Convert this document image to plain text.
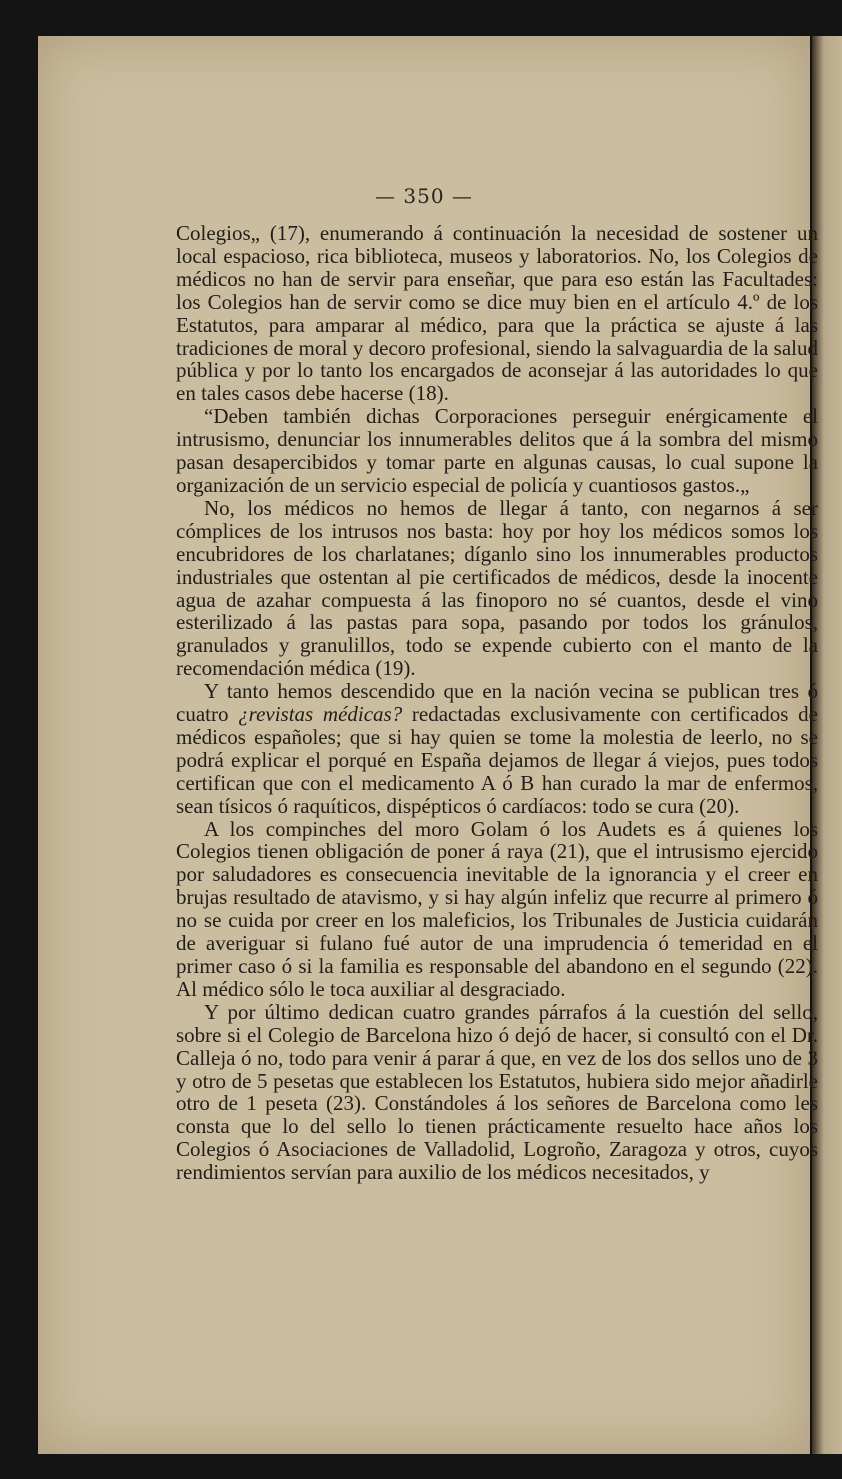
— 350 —

Colegios„ (17), enumerando á continuación la necesidad de sostener un local espacioso, rica biblioteca, museos y laboratorios. No, los Colegios de médicos no han de servir para enseñar, que para eso están las Facultades: los Colegios han de servir como se dice muy bien en el artículo 4.º de los Estatutos, para amparar al médico, para que la práctica se ajuste á las tradiciones de moral y decoro profesional, siendo la salvaguardia de la salud pública y por lo tanto los encargados de aconsejar á las autoridades lo que en tales casos debe hacerse (18).

“Deben también dichas Corporaciones perseguir enérgicamente el intrusismo, denunciar los innumerables delitos que á la sombra del mismo pasan desapercibidos y tomar parte en algunas causas, lo cual supone la organización de un servicio especial de policía y cuantiosos gastos.„

No, los médicos no hemos de llegar á tanto, con negarnos á ser cómplices de los intrusos nos basta: hoy por hoy los médicos somos los encubridores de los charlatanes; díganlo sino los innumerables productos industriales que ostentan al pie certificados de médicos, desde la inocente agua de azahar compuesta á las finoporo no sé cuantos, desde el vino esterilizado á las pastas para sopa, pasando por todos los gránulos, granulados y granulillos, todo se expende cubierto con el manto de la recomendación médica (19).

Y tanto hemos descendido que en la nación vecina se publican tres ó cuatro ¿revistas médicas? redactadas exclusivamente con certificados de médicos españoles; que si hay quien se tome la molestia de leerlo, no se podrá explicar el porqué en España dejamos de llegar á viejos, pues todos certifican que con el medicamento A ó B han curado la mar de enfermos, sean tísicos ó raquíticos, dispépticos ó cardíacos: todo se cura (20).

A los compinches del moro Golam ó los Audets es á quienes los Colegios tienen obligación de poner á raya (21), que el intrusismo ejercido por saludadores es consecuencia inevitable de la ignorancia y el creer en brujas resultado de atavismo, y si hay algún infeliz que recurre al primero ó no se cuida por creer en los maleficios, los Tribunales de Justicia cuidarán de averiguar si fulano fué autor de una imprudencia ó temeridad en el primer caso ó si la familia es responsable del abandono en el segundo (22). Al médico sólo le toca auxiliar al desgraciado.

Y por último dedican cuatro grandes párrafos á la cuestión del sello, sobre si el Colegio de Barcelona hizo ó dejó de hacer, si consultó con el Dr. Calleja ó no, todo para venir á parar á que, en vez de los dos sellos uno de 3 y otro de 5 pesetas que establecen los Estatutos, hubiera sido mejor añadirle otro de 1 peseta (23). Constándoles á los señores de Barcelona como les consta que lo del sello lo tienen prácticamente resuelto hace años los Colegios ó Asociaciones de Valladolid, Logroño, Zaragoza y otros, cuyos rendimientos servían para auxilio de los médicos necesitados, y
